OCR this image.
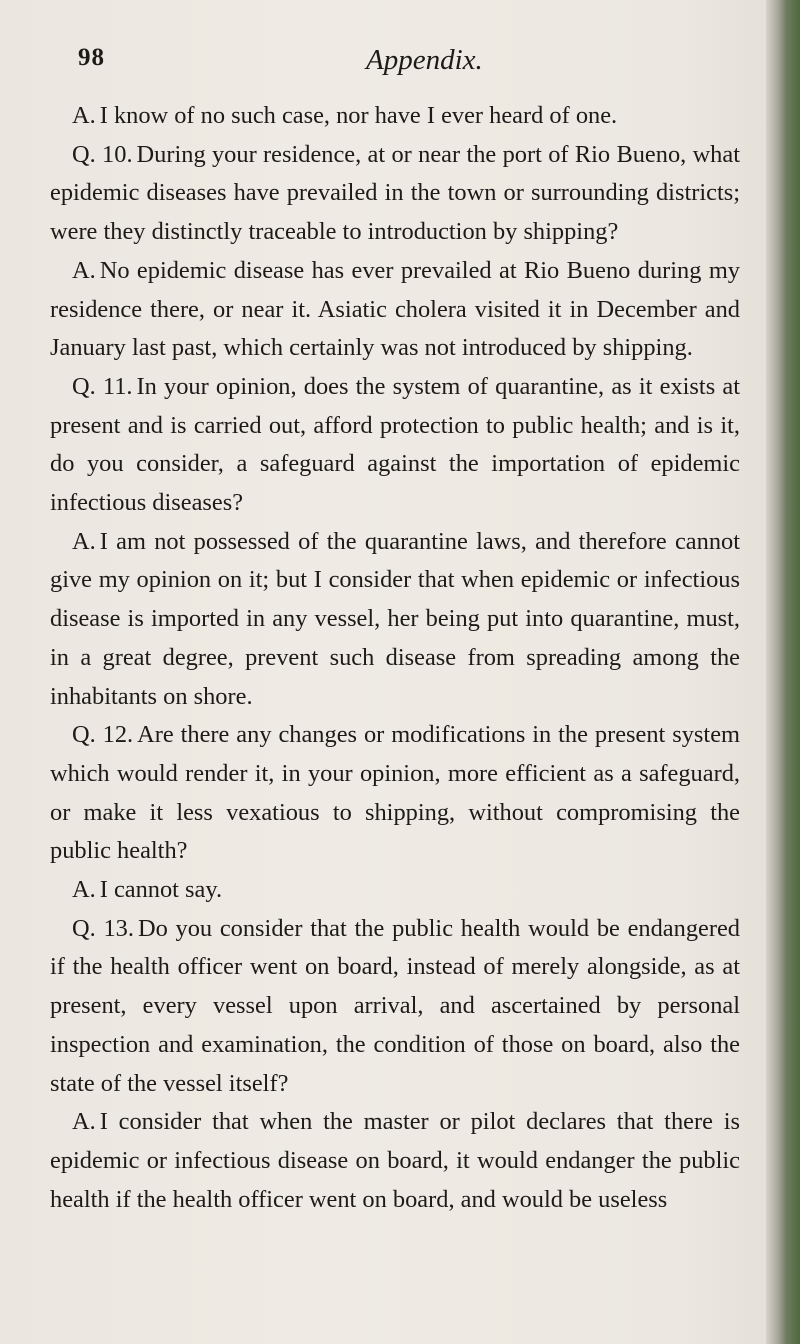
98	Appendix.

A. I know of no such case, nor have I ever heard of one.

Q. 10. During your residence, at or near the port of Rio Bueno, what epidemic diseases have prevailed in the town or surrounding districts; were they distinctly traceable to introduction by shipping?

A. No epidemic disease has ever prevailed at Rio Bueno during my residence there, or near it. Asiatic cholera visited it in December and January last past, which certainly was not introduced by shipping.

Q. 11. In your opinion, does the system of quarantine, as it exists at present and is carried out, afford protection to public health; and is it, do you consider, a safeguard against the importation of epidemic infectious diseases?

A. I am not possessed of the quarantine laws, and therefore cannot give my opinion on it; but I consider that when epidemic or infectious disease is imported in any vessel, her being put into quarantine, must, in a great degree, prevent such disease from spreading among the inhabitants on shore.

Q. 12. Are there any changes or modifications in the present system which would render it, in your opinion, more efficient as a safeguard, or make it less vexatious to shipping, without compromising the public health?

A. I cannot say.

Q. 13. Do you consider that the public health would be endangered if the health officer went on board, instead of merely alongside, as at present, every vessel upon arrival, and ascertained by personal inspection and examination, the condition of those on board, also the state of the vessel itself?

A. I consider that when the master or pilot declares that there is epidemic or infectious disease on board, it would endanger the public health if the health officer went on board, and would be useless
